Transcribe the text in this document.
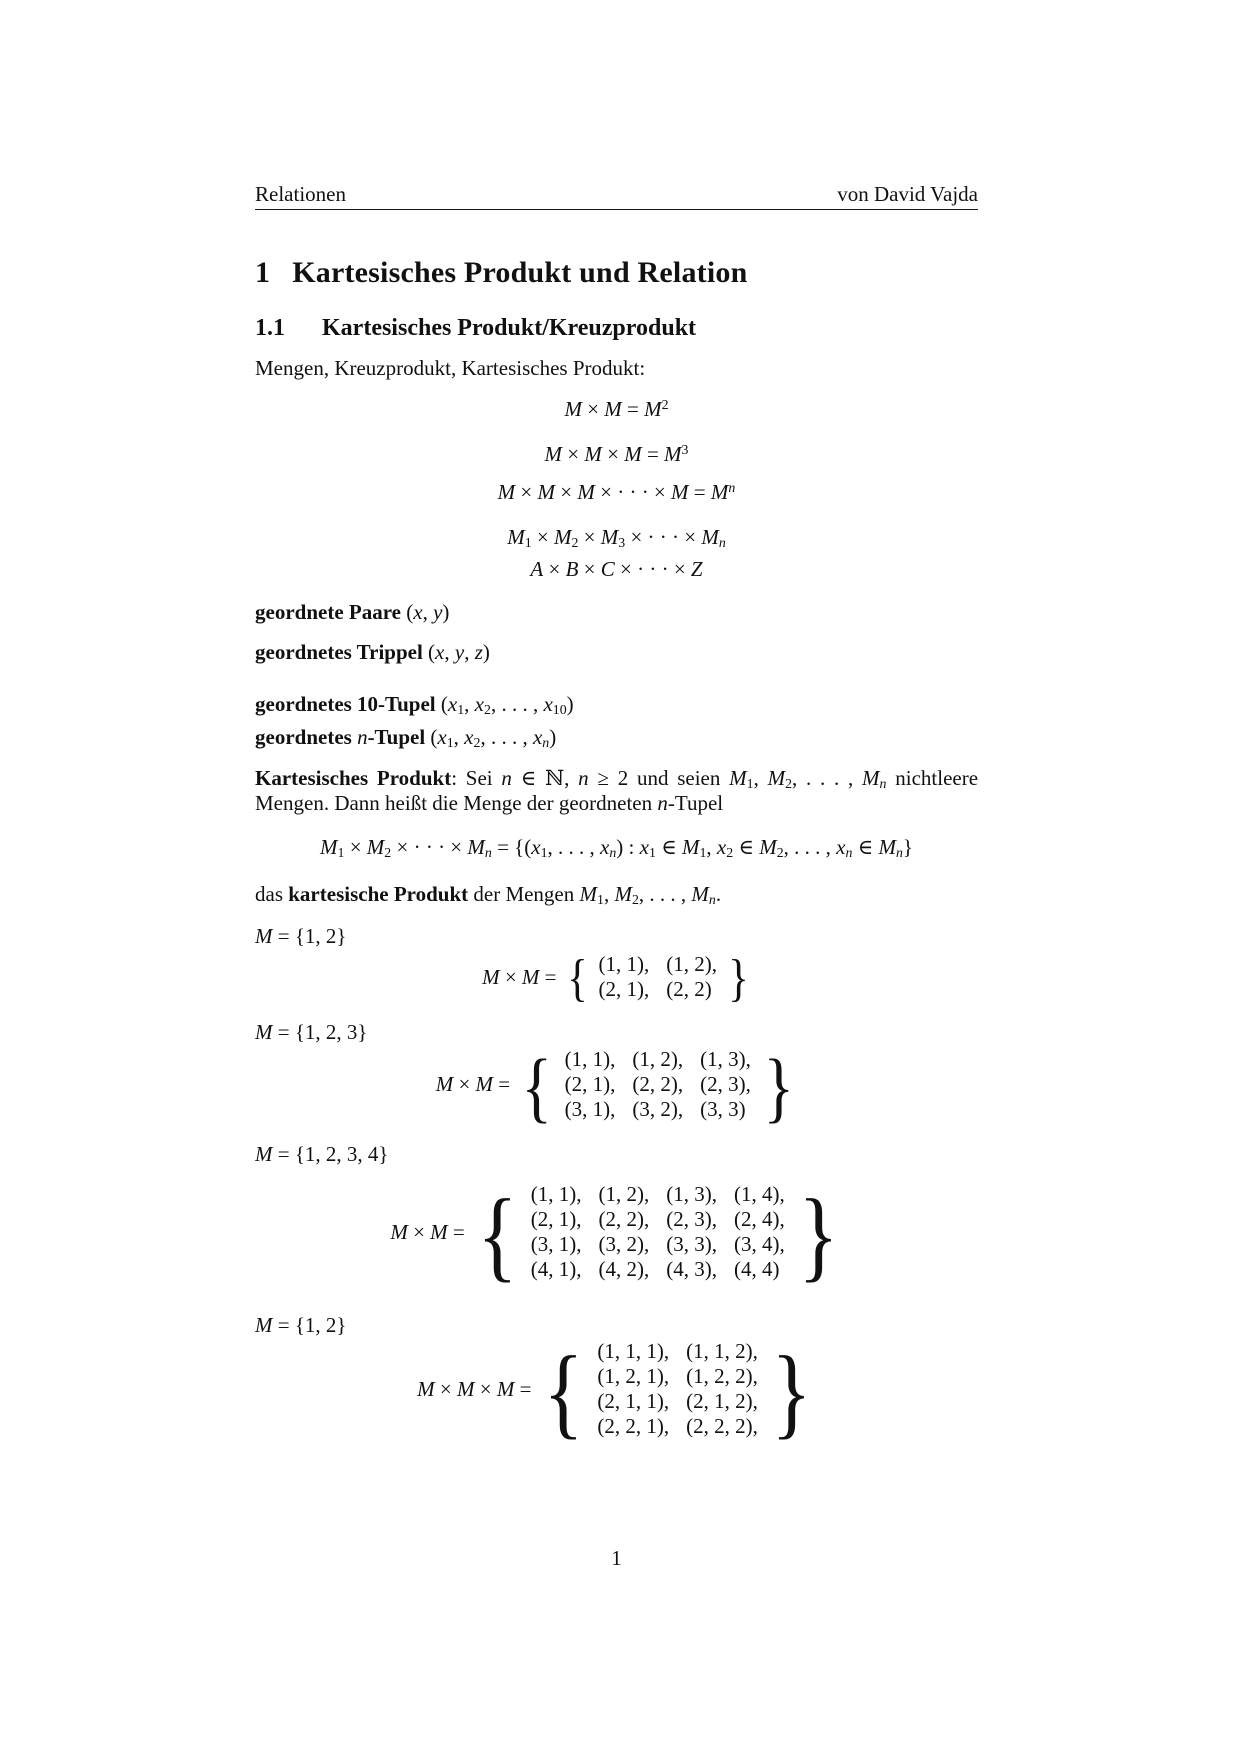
Relationen	von David Vajda
1 Kartesisches Produkt und Relation
1.1 Kartesisches Produkt/Kreuzprodukt

Mengen, Kreuzprodukt, Kartesisches Produkt:

$M \times M = M^2$
$M \times M \times M = M^3$
M × M × M × · · · × $M = M^n$
$M_1 \times M_2 \times M_3$ × · · · × $M_n$
A × B × C × · · · × Z
geordnete Paare (x, y)
geordnetes Trippel (x, y, z)
geordnetes 10-Tupel ($x_1$, $x_2$, . . . , $x_{10}$)
geordnetes n-Tupel ($x_1$, $x_2$, . . . , $x_n$)

Kartesisches Produkt: Sei n ∈ ℕ, n ≥ 2 und seien $M_1$, $M_2$, . . . , $M_n$ nichtleere Mengen. Dann heißt die Menge der geordneten n-Tupel

$M_1 \times M_2$ × · · · × $M_n = \{(x_1$, . . . , $x_n$) : $x_1$ ∈ $M_1$, $x_2$ ∈ $M_2$, . . . , $x_n$ ∈ $M_n$}

das kartesische Produkt der Mengen $M_1$, $M_2$, . . . , $M_n$.

M = {1, 2}
M × M = { (1, 1), (1, 2),
(2, 1), (2, 2) }
M = {1, 2, 3}
M × M = { (1, 1), (1, 2), (1, 3),
(2, 1), (2, 2), (2, 3),
(3, 1), (3, 2), (3, 3) }
M = {1, 2, 3, 4}
M × M = { (1, 1), (1, 2), (1, 3), (1, 4),
(2, 1), (2, 2), (2, 3), (2, 4),
(3, 1), (3, 2), (3, 3), (3, 4),
(4, 1), (4, 2), (4, 3), (4, 4) }
M = {1, 2}
M × M × M = { (1, 1, 1), (1, 1, 2),
(1, 2, 1), (1, 2, 2),
(2, 1, 1), (2, 1, 2),
(2, 2, 1), (2, 2, 2), }
1
